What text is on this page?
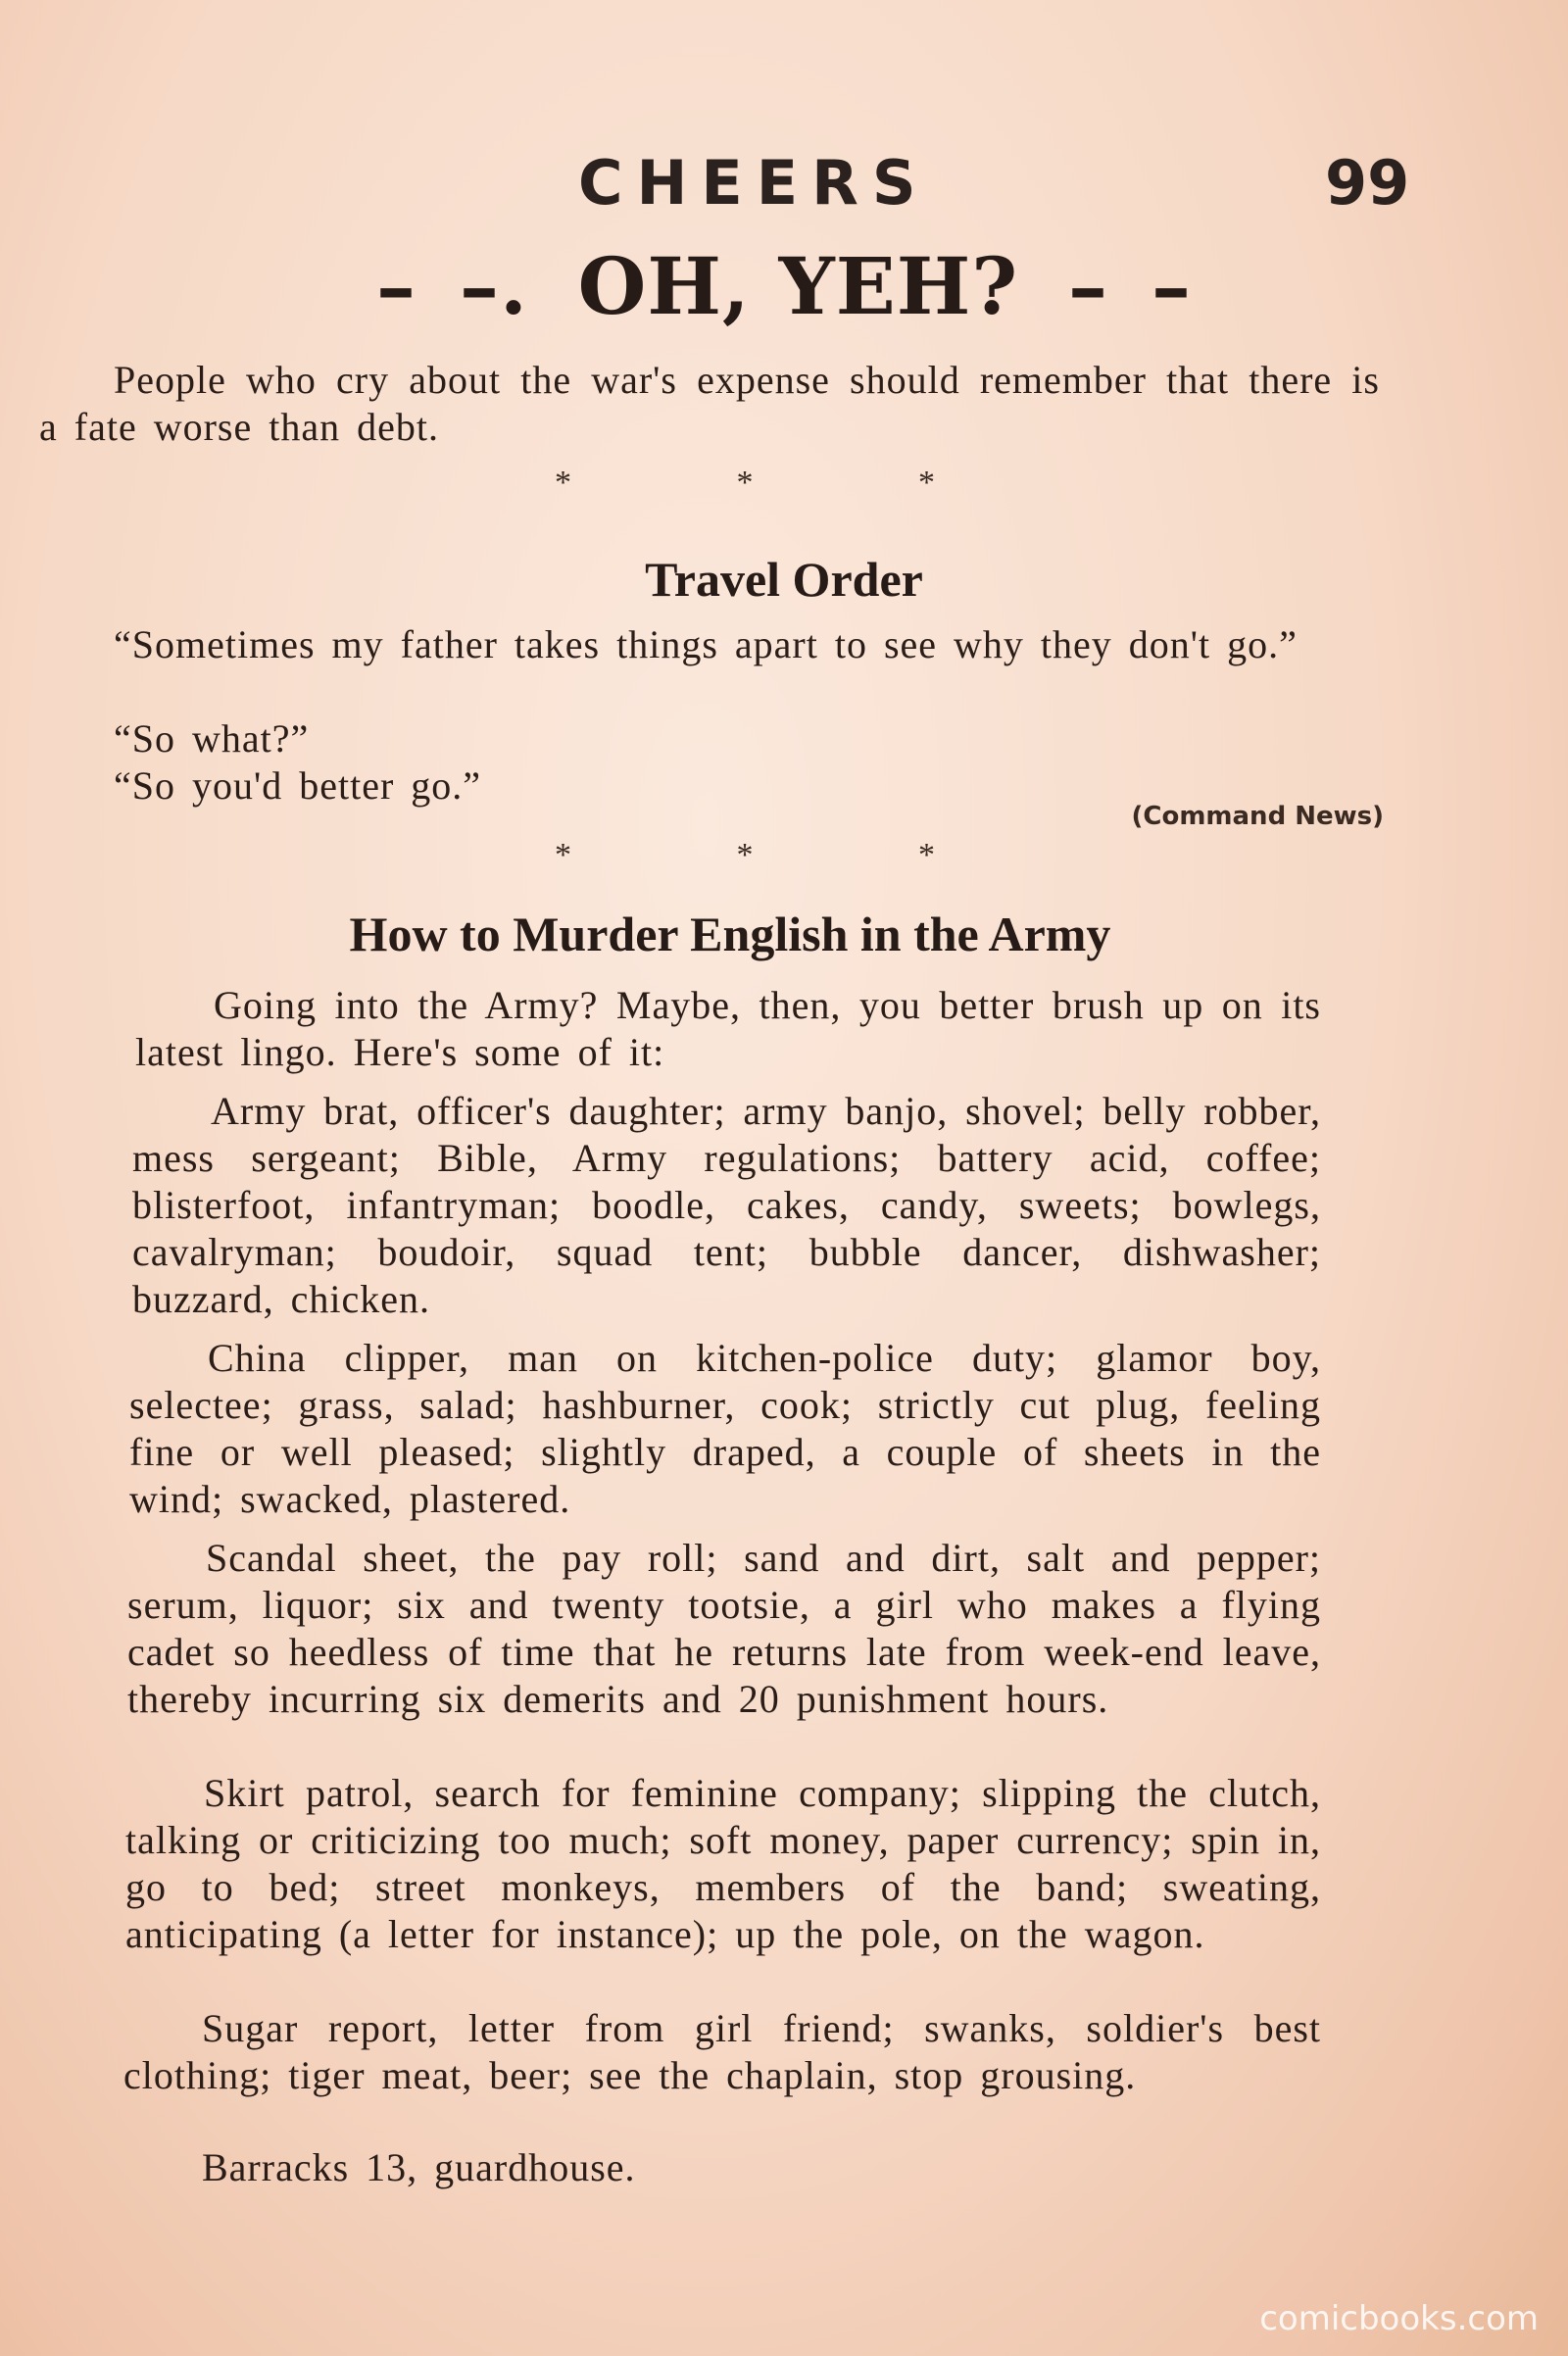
CHEERS	99
– –. OH, YEH? – –
People who cry about the war's expense should remember that there is a fate worse than debt.
* * *
Travel Order
“Sometimes my father takes things apart to see why they don't go.”
“So what?”
“So you'd better go.”
(Command News)
* * *
How to Murder English in the Army
Going into the Army? Maybe, then, you better brush up on its latest lingo. Here's some of it:
Army brat, officer's daughter; army banjo, shovel; belly robber, mess sergeant; Bible, Army regulations; battery acid, coffee; blisterfoot, infantryman; boodle, cakes, candy, sweets; bowlegs, cavalryman; boudoir, squad tent; bubble dancer, dishwasher; buzzard, chicken.
China clipper, man on kitchen-police duty; glamor boy, selectee; grass, salad; hashburner, cook; strictly cut plug, feeling fine or well pleased; slightly draped, a couple of sheets in the wind; swacked, plastered.
Scandal sheet, the pay roll; sand and dirt, salt and pepper; serum, liquor; six and twenty tootsie, a girl who makes a flying cadet so heedless of time that he returns late from week-end leave, thereby incurring six demerits and 20 punishment hours.
Skirt patrol, search for feminine company; slipping the clutch, talking or criticizing too much; soft money, paper currency; spin in, go to bed; street monkeys, members of the band; sweating, anticipating (a letter for instance); up the pole, on the wagon.
Sugar report, letter from girl friend; swanks, soldier's best clothing; tiger meat, beer; see the chaplain, stop grousing.
Barracks 13, guardhouse.
comicbooks.com
